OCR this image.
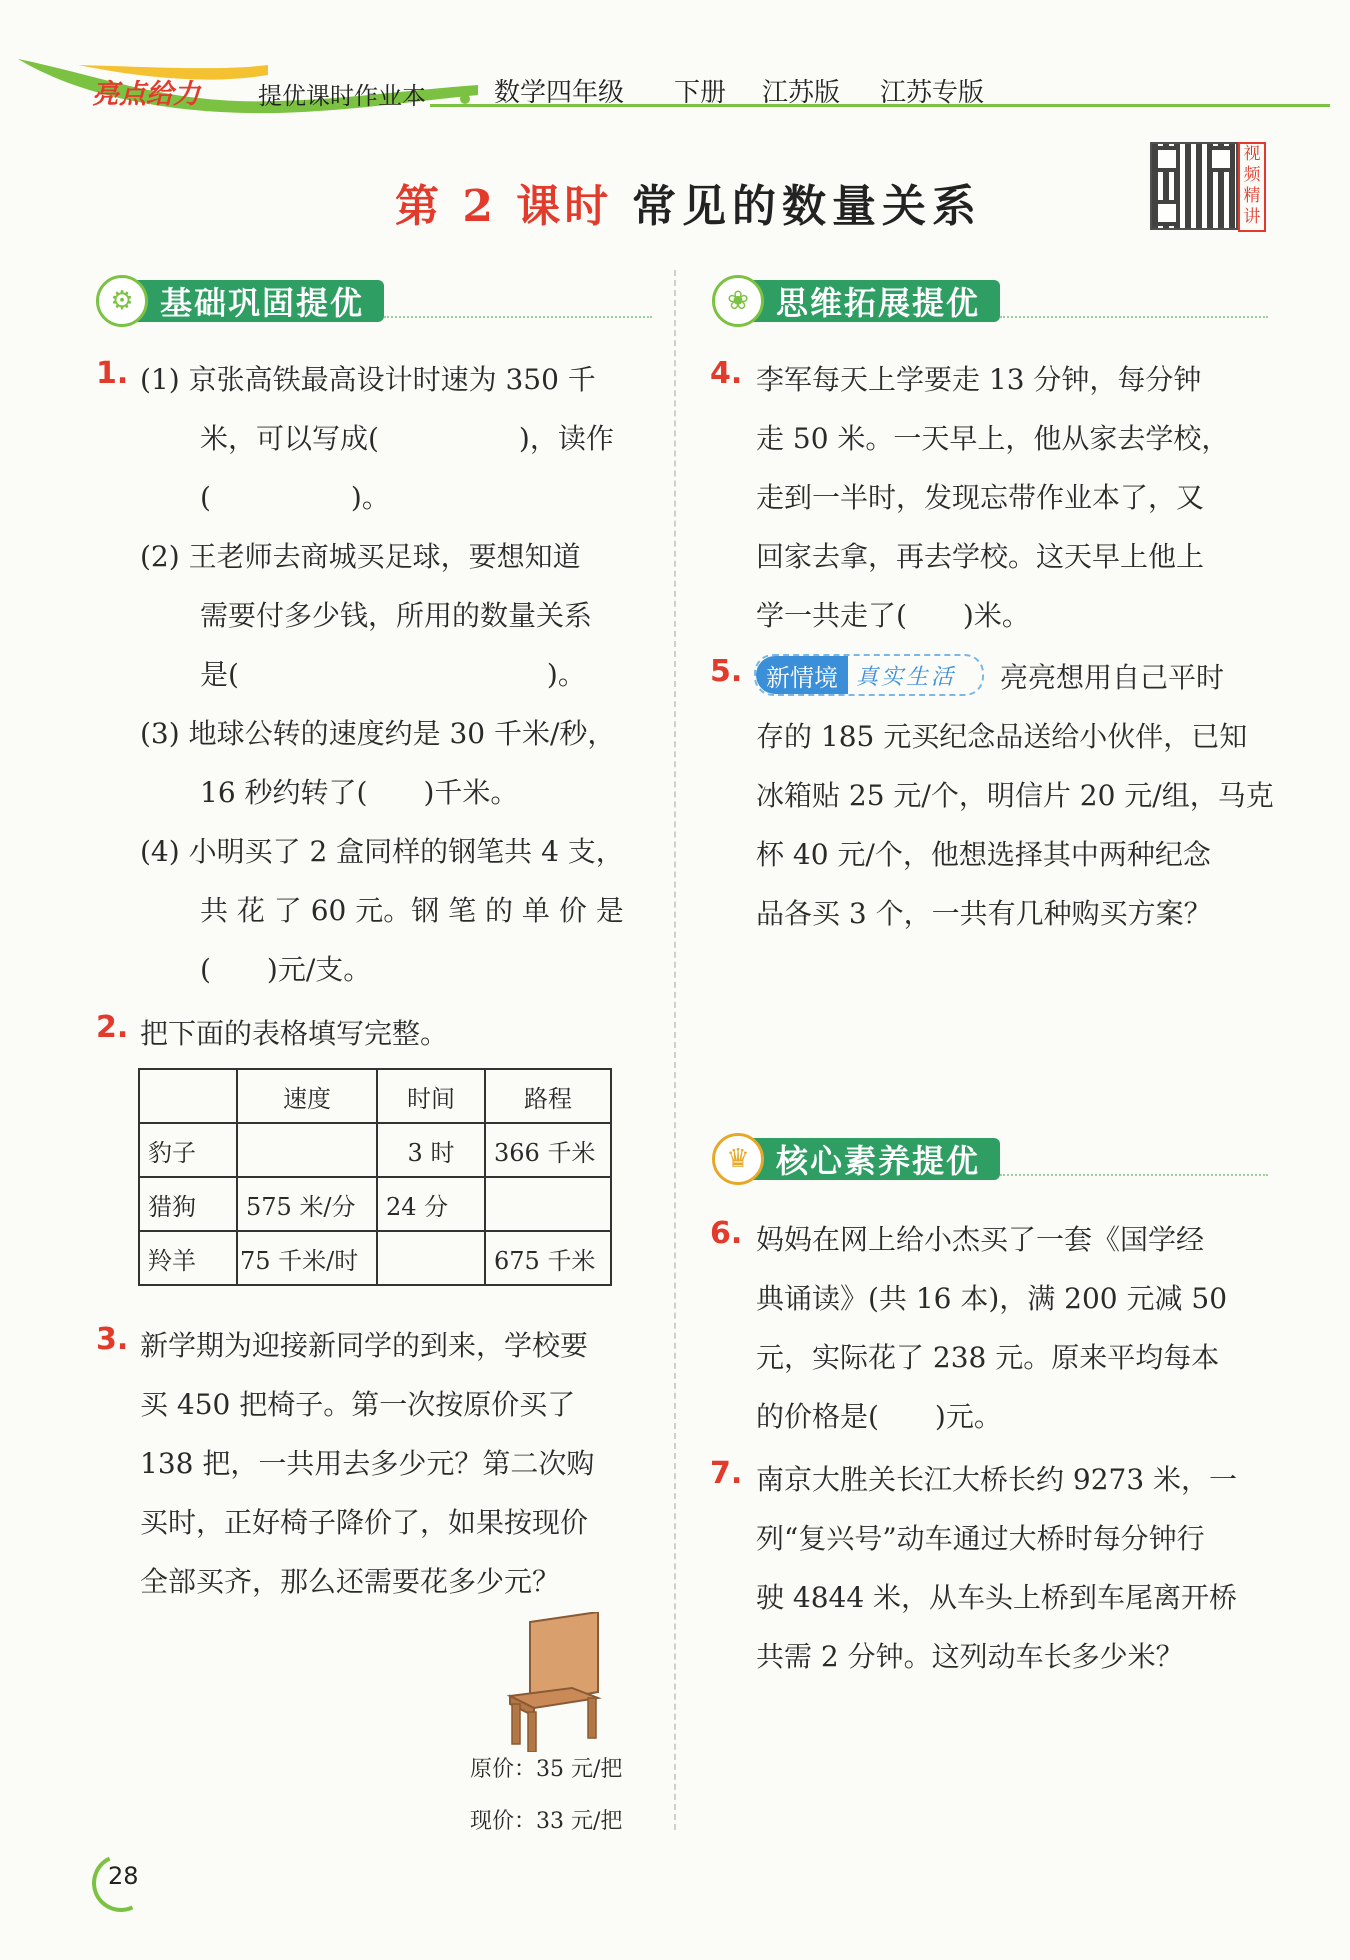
亮点给力 提优课时作业本	数学四年级 下册 江苏版 江苏专版
第 2 课时 常见的数量关系
视频精讲
⚙ 基础巩固提优	❀ 思维拓展提优
♛ 核心素养提优
1. (1) 京张高铁最高设计时速为 350 千
米，可以写成(　　　　　)，读作
(　　　　　)。
(2) 王老师去商城买足球，要想知道
需要付多少钱，所用的数量关系
是(　　　　　　　　　　　)。
(3) 地球公转的速度约是 30 千米/秒，
16 秒约转了(　　)千米。
(4) 小明买了 2 盒同样的钢笔共 4 支，
共 花 了 60 元。钢 笔 的 单 价 是
(　　)元/支。
2. 把下面的表格填写完整。
	速度	时间	路程
豹子		3 时	366 千米
猎狗	575 米/分	24 分	
羚羊	75 千米/时		675 千米
3. 新学期为迎接新同学的到来，学校要
买 450 把椅子。第一次按原价买了
138 把，一共用去多少元？第二次购
买时，正好椅子降价了，如果按现价
全部买齐，那么还需要花多少元？
原价：35 元/把
现价：33 元/把
4. 李军每天上学要走 13 分钟，每分钟
走 50 米。一天早上，他从家去学校，
走到一半时，发现忘带作业本了，又
回家去拿，再去学校。这天早上他上
学一共走了(　　)米。
5. 新情境 真实生活 亮亮想用自己平时
存的 185 元买纪念品送给小伙伴，已知
冰箱贴 25 元/个，明信片 20 元/组，马克
杯 40 元/个，他想选择其中两种纪念
品各买 3 个，一共有几种购买方案？
6. 妈妈在网上给小杰买了一套《国学经
典诵读》(共 16 本)，满 200 元减 50
元，实际花了 238 元。原来平均每本
的价格是(　　)元。
7. 南京大胜关长江大桥长约 9273 米，一
列“复兴号”动车通过大桥时每分钟行
驶 4844 米，从车头上桥到车尾离开桥
共需 2 分钟。这列动车长多少米？
28
